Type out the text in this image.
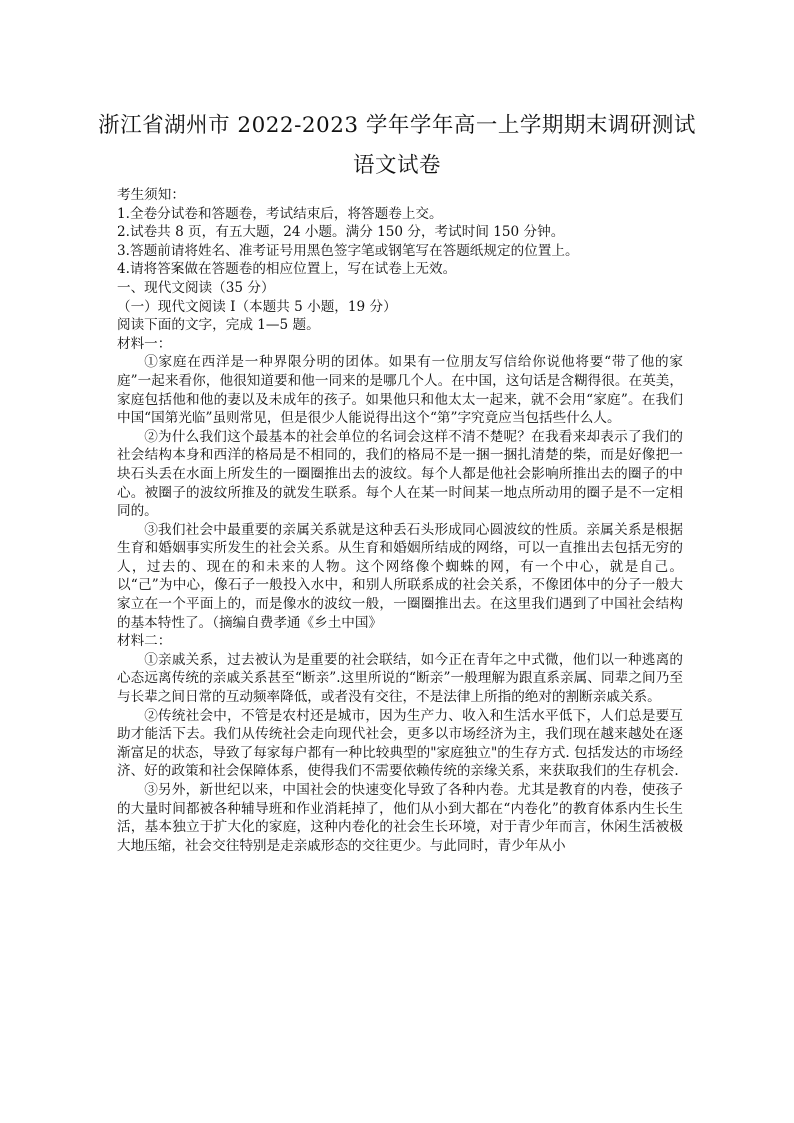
浙江省湖州市 2022-2023 学年学年高一上学期期末调研测试
语文试卷

考生须知：

1.全卷分试卷和答题卷，考试结束后，将答题卷上交。

2.试卷共 8 页，有五大题，24 小题。满分 150 分，考试时间 150 分钟。

3.答题前请将姓名、准考证号用黑色签字笔或钢笔写在答题纸规定的位置上。

4.请将答案做在答题卷的相应位置上，写在试卷上无效。

一、现代文阅读（35 分）

（一）现代文阅读 I（本题共 5 小题，19 分）

阅读下面的文字，完成 1—5 题。

材料一：

①家庭在西洋是一种界限分明的团体。如果有一位朋友写信给你说他将要“带了他的家庭”一起来看你，他很知道要和他一同来的是哪几个人。在中国，这句话是含糊得很。在英美，家庭包括他和他的妻以及未成年的孩子。如果他只和他太太一起来，就不会用“家庭”。在我们中国“国第光临”虽则常见，但是很少人能说得出这个“第”字究竟应当包括些什么人。

②为什么我们这个最基本的社会单位的名词会这样不清不楚呢？在我看来却表示了我们的社会结构本身和西洋的格局是不相同的，我们的格局不是一捆一捆扎清楚的柴，而是好像把一块石头丢在水面上所发生的一圈圈推出去的波纹。每个人都是他社会影响所推出去的圈子的中心。被圈子的波纹所推及的就发生联系。每个人在某一时间某一地点所动用的圈子是不一定相同的。

③我们社会中最重要的亲属关系就是这种丢石头形成同心圆波纹的性质。亲属关系是根据生育和婚姻事实所发生的社会关系。从生育和婚姻所结成的网络，可以一直推出去包括无穷的人，过去的、现在的和未来的人物。这个网络像个蜘蛛的网，有一个中心，就是自己。以“己”为中心，像石子一般投入水中，和别人所联系成的社会关系，不像团体中的分子一般大家立在一个平面上的，而是像水的波纹一般，一圈圈推出去。在这里我们遇到了中国社会结构的基本特性了。（摘编自费孝通《乡土中国》

材料二：

①亲戚关系，过去被认为是重要的社会联结，如今正在青年之中式微，他们以一种逃离的心态远离传统的亲戚关系甚至“断亲”.这里所说的“断亲”一般理解为跟直系亲属、同辈之间乃至与长辈之间日常的互动频率降低，或者没有交往，不是法律上所指的绝对的割断亲戚关系。

②传统社会中，不管是农村还是城市，因为生产力、收入和生活水平低下，人们总是要互助才能活下去。我们从传统社会走向现代社会，更多以市场经济为主，我们现在越来越处在逐渐富足的状态，导致了每家每户都有一种比较典型的"家庭独立"的生存方式. 包括发达的市场经济、好的政策和社会保障体系，使得我们不需要依赖传统的亲缘关系，来获取我们的生存机会.

③另外，新世纪以来，中国社会的快速变化导致了各种内卷。尤其是教育的内卷，使孩子的大量时间都被各种辅导班和作业消耗掉了，他们从小到大都在“内卷化”的教育体系内生长生活，基本独立于扩大化的家庭，这种内卷化的社会生长环境，对于青少年而言，休闲生活被极大地压缩，社会交往特别是走亲戚形态的交往更少。与此同时，青少年从小
